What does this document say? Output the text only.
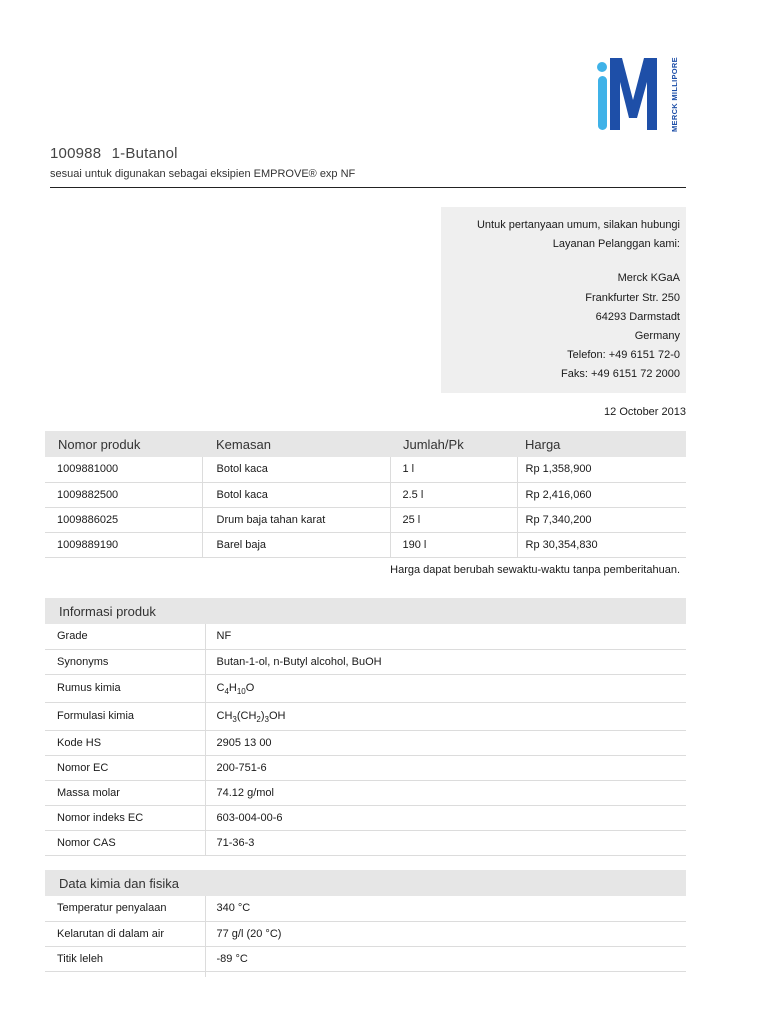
MERCK MILLIPORE
100988 1-Butanol
sesuai untuk digunakan sebagai eksipien EMPROVE® exp NF
Untuk pertanyaan umum, silakan hubungi
Layanan Pelanggan kami:
Merck KGaA
Frankfurter Str. 250
64293 Darmstadt
Germany
Telefon: +49 6151 72-0
Faks: +49 6151 72 2000
12 October 2013
Nomor produk	Kemasan	Jumlah/Pk	Harga
1009881000	Botol kaca	1 l	Rp 1,358,900
1009882500	Botol kaca	2.5 l	Rp 2,416,060
1009886025	Drum baja tahan karat	25 l	Rp 7,340,200
1009889190	Barel baja	190 l	Rp 30,354,830
Harga dapat berubah sewaktu-waktu tanpa pemberitahuan.
Informasi produk	
Grade	NF
Synonyms	Butan-1-ol, n-Butyl alcohol, BuOH
Rumus kimia	$C_4H_{10}O$
Formulasi kimia	$CH_3(CH_2)_3OH$
Kode HS	2905 13 00
Nomor EC	200-751-6
Massa molar	74.12 g/mol
Nomor indeks EC	603-004-00-6
Nomor CAS	71-36-3
Data kimia dan fisika	
Temperatur penyalaan	340 °C
Kelarutan di dalam air	77 g/l (20 °C)
Titik leleh	-89 °C
